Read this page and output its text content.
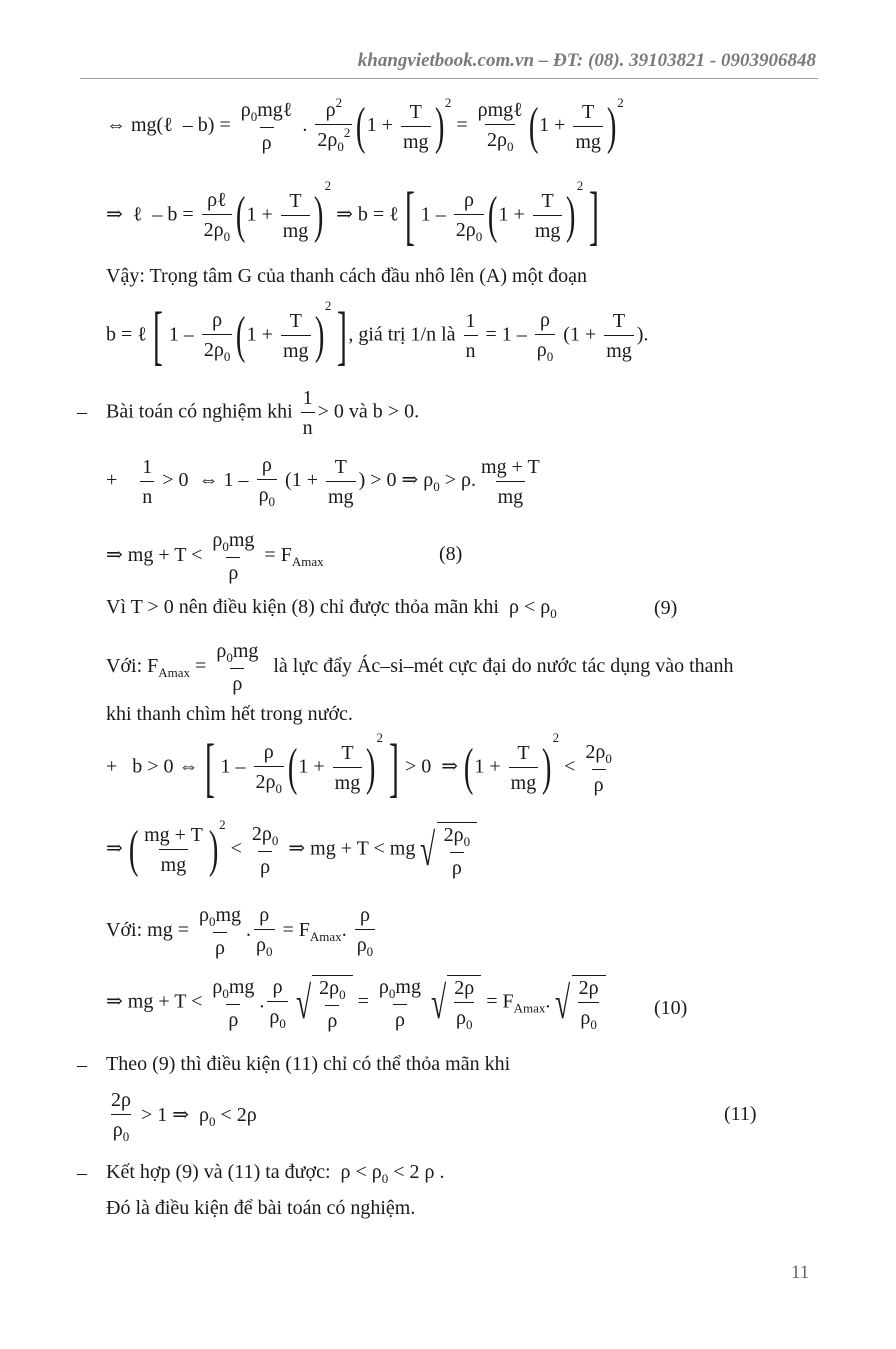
khangvietbook.com.vn – ĐT: (08). 39103821 - 0903906848
⇔ mg(ℓ  – $b) = \frac{\rho_0mg\ell}{\rho}$ . $\frac{\rho^2}{2\rho_0^2} (1 + \frac{T}{mg} )^2 = \frac{\text{ρmgℓ}}{2\rho_0} (1 + \frac{T}{mg} )^2$
⇒  ℓ  – $b = \frac{\text{ρℓ}}{2\rho_0} (1 + \frac{T}{mg} )^2$ ⇒ b = ℓ [ $1 - \frac{\rho}{2\rho_0} (1 + \frac{T}{mg} )^2$ ]
Vậy: Trọng tâm G của thanh cách đầu nhô lên (A) một đoạn
b = ℓ [ $1 - \frac{\rho}{2\rho_0} (1 + \frac{T}{mg} )^2$ ], giá trị 1/n là $\frac{1}{n} = 1 - \frac{\rho}{\rho_0} (1 + \frac{T}{mg}$ ).
– Bài toán có nghiệm khi $\frac{1}{n} > 0$ và b > 0.
+ $\frac{1}{n} > 0$  ⇔ $1 - \frac{\rho}{\rho_0} (1 + \frac{T}{mg}$ ) > 0 ⇒ $\rho_0 > \rho$. $\frac{mg + T}{mg}$
⇒ mg + $T < \frac{\rho_0mg}{\rho} = F_{Amax}$	(8)
Vì T > 0 nên điều kiện (8) chỉ được thỏa mãn khi  $\rho < \rho_0$	(9)
Với: $F_{Amax} = \frac{\rho_0mg}{\rho}$ là lực đẩy Ác–si–mét cực đại do nước tác dụng vào thanh
khi thanh chìm hết trong nước.
+   b > 0 ⇔ [ $1 - \frac{\rho}{2\rho_0} (1 + \frac{T}{mg} )^2$ ] > 0  ⇒ $(1 + \frac{T}{mg} )^2 < \frac{2\rho_0}{\rho}$
⇒ ( $\frac{mg + T}{mg} )^2 < \frac{2\rho_0}{\rho}$ ⇒ mg + T < mg √ $\frac{2\rho_0}{\rho}$
Với: mg = $\frac{\rho_0mg}{\rho}$ . $\frac{\rho}{\rho_0} = F_{Amax}$. $\frac{\rho}{\rho_0}$
⇒ mg + $T < \frac{\rho_0mg}{\rho}$ . $\frac{\rho}{\rho_0}$ √ $\frac{2\rho_0}{\rho} = \frac{\rho_0mg}{\rho}$ √ $\frac{2\rho}{\rho_0} = F_{Amax}$. √ $\frac{2\rho}{\rho_0}$	(10)
– Theo (9) thì điều kiện (11) chỉ có thể thỏa mãn khi
$\frac{2\rho}{\rho_0} > 1$ ⇒  $\rho_0 < 2\rho$	(11)
– Kết hợp (9) và (11) ta được:  $\rho < \rho_0 < 2$ ρ .
Đó là điều kiện để bài toán có nghiệm.
11
